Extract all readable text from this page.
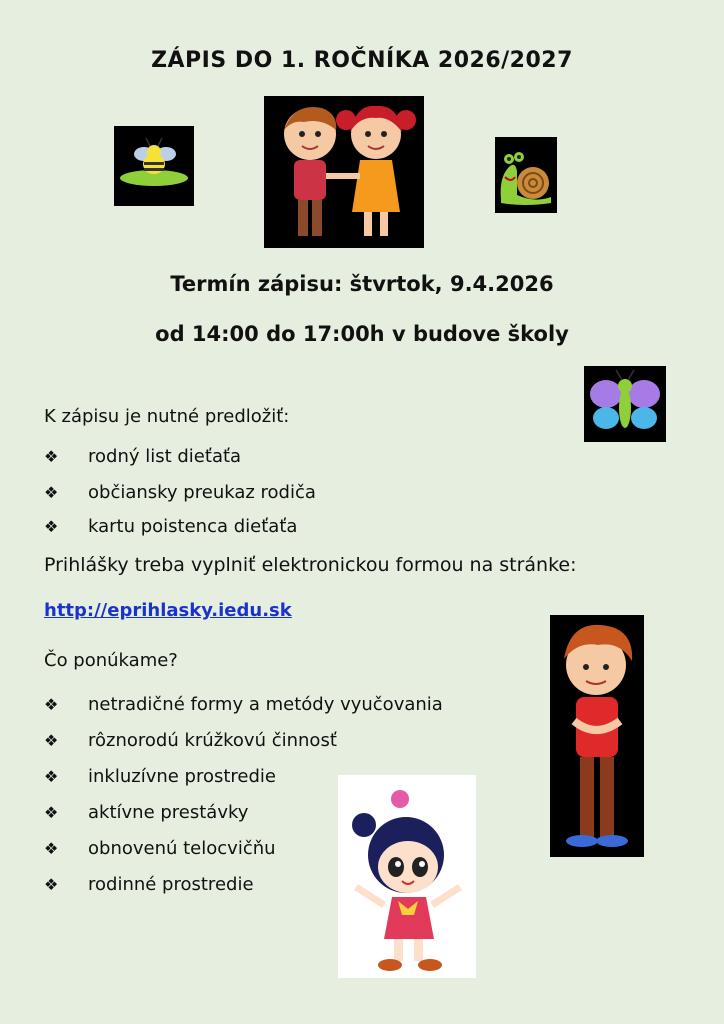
ZÁPIS DO 1. ROČNÍKA 2026/2027
Termín zápisu: štvrtok, 9.4.2026
od 14:00 do 17:00h v budove školy
K zápisu je nutné predložiť:
❖	rodný list dieťaťa
❖	občiansky preukaz rodiča
❖	kartu poistenca dieťaťa
Prihlášky treba vyplniť elektronickou formou na stránke:
http://eprihlasky.iedu.sk
Čo ponúkame?
❖	netradičné formy a metódy vyučovania
❖	rôznorodú krúžkovú činnosť
❖	inkluzívne prostredie
❖	aktívne prestávky
❖	obnovenú telocvičňu
❖	rodinné prostredie
